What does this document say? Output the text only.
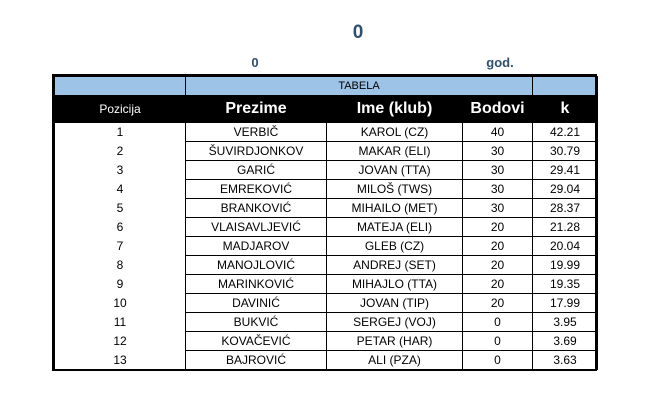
0
0	god.
	TABELA			
Pozicija	Prezime	Ime (klub)	Bodovi	k
1	VERBIČ	KAROL (CZ)	40	42.21
2	ŠUVIRDJONKOV	MAKAR (ELI)	30	30.79
3	GARIĆ	JOVAN (TTA)	30	29.41
4	EMREKOVIĆ	MILOŠ (TWS)	30	29.04
5	BRANKOVIĆ	MIHAILO (MET)	30	28.37
6	VLAISAVLJEVIĆ	MATEJA (ELI)	20	21.28
7	MADJAROV	GLEB (CZ)	20	20.04
8	MANOJLOVIĆ	ANDREJ (SET)	20	19.99
9	MARINKOVIĆ	MIHAJLO (TTA)	20	19.35
10	DAVINIĆ	JOVAN (TIP)	20	17.99
11	BUKVIĆ	SERGEJ (VOJ)	0	3.95
12	KOVAČEVIĆ	PETAR (HAR)	0	3.69
13	BAJROVIĆ	ALI (PZA)	0	3.63
